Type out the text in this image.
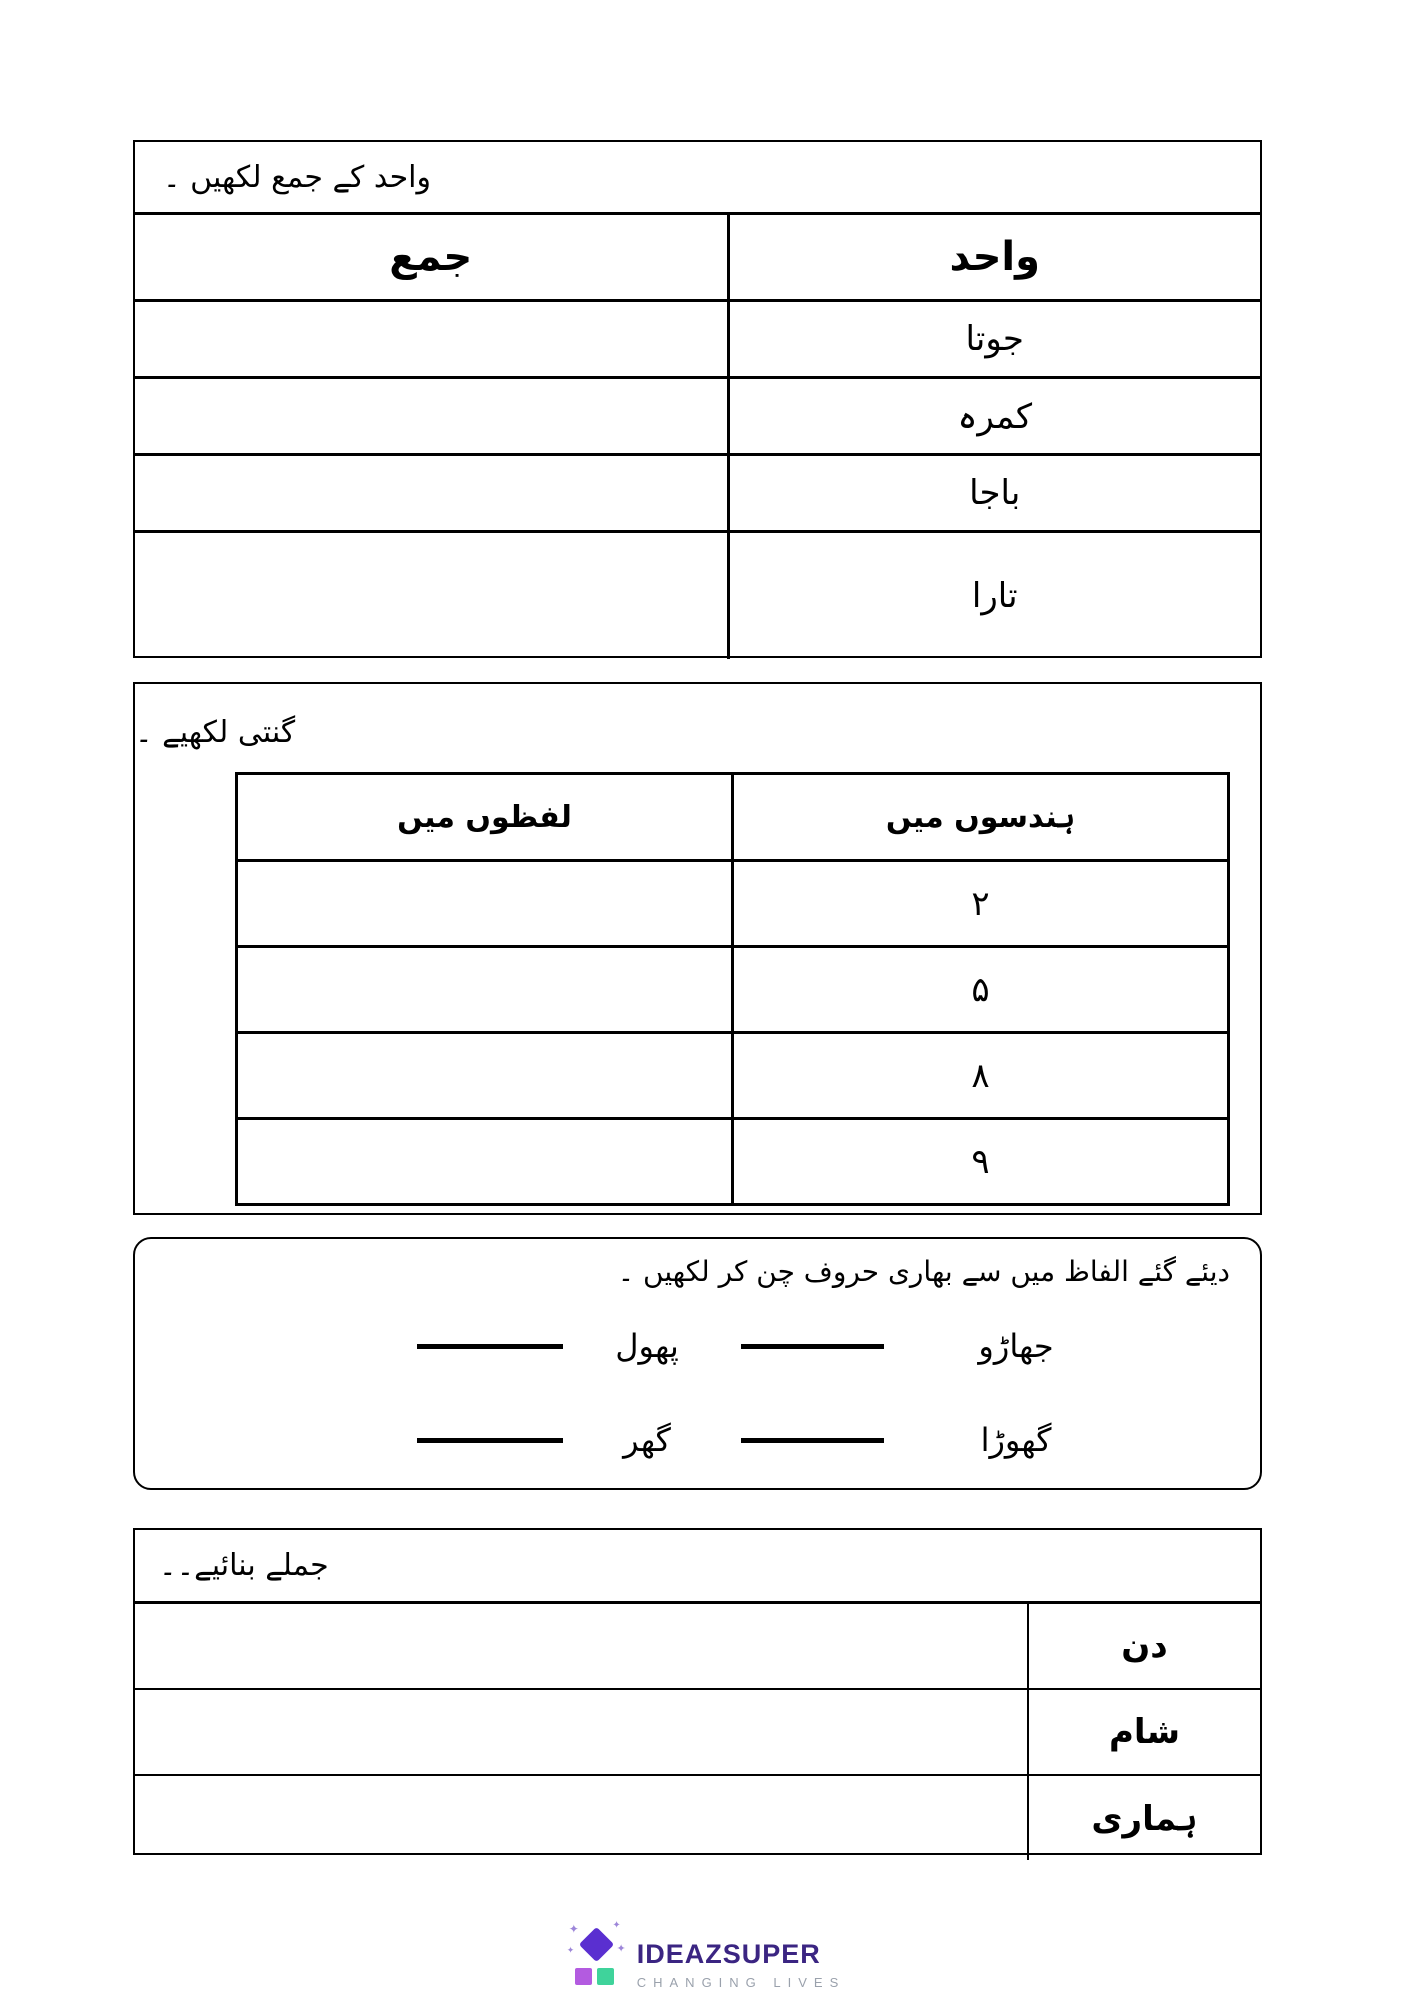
واحد کے جمع لکھیں ۔
جمع	واحد
	جوتا
	کمرہ
	باجا
	تارا
گنتی لکھیے ۔
لفظوں میں	ہندسوں میں
	۲
	۵
	۸
	۹
دیئے گئے الفاظ میں سے بھاری حروف چن کر لکھیں ۔
جھاڑو
پھول
گھوڑا
گھر
جملے بنائیے۔۔
	دن
	شام
	ہماری
✦	✦
✦	✦ IDEAZSUPER
CHANGING LIVES
